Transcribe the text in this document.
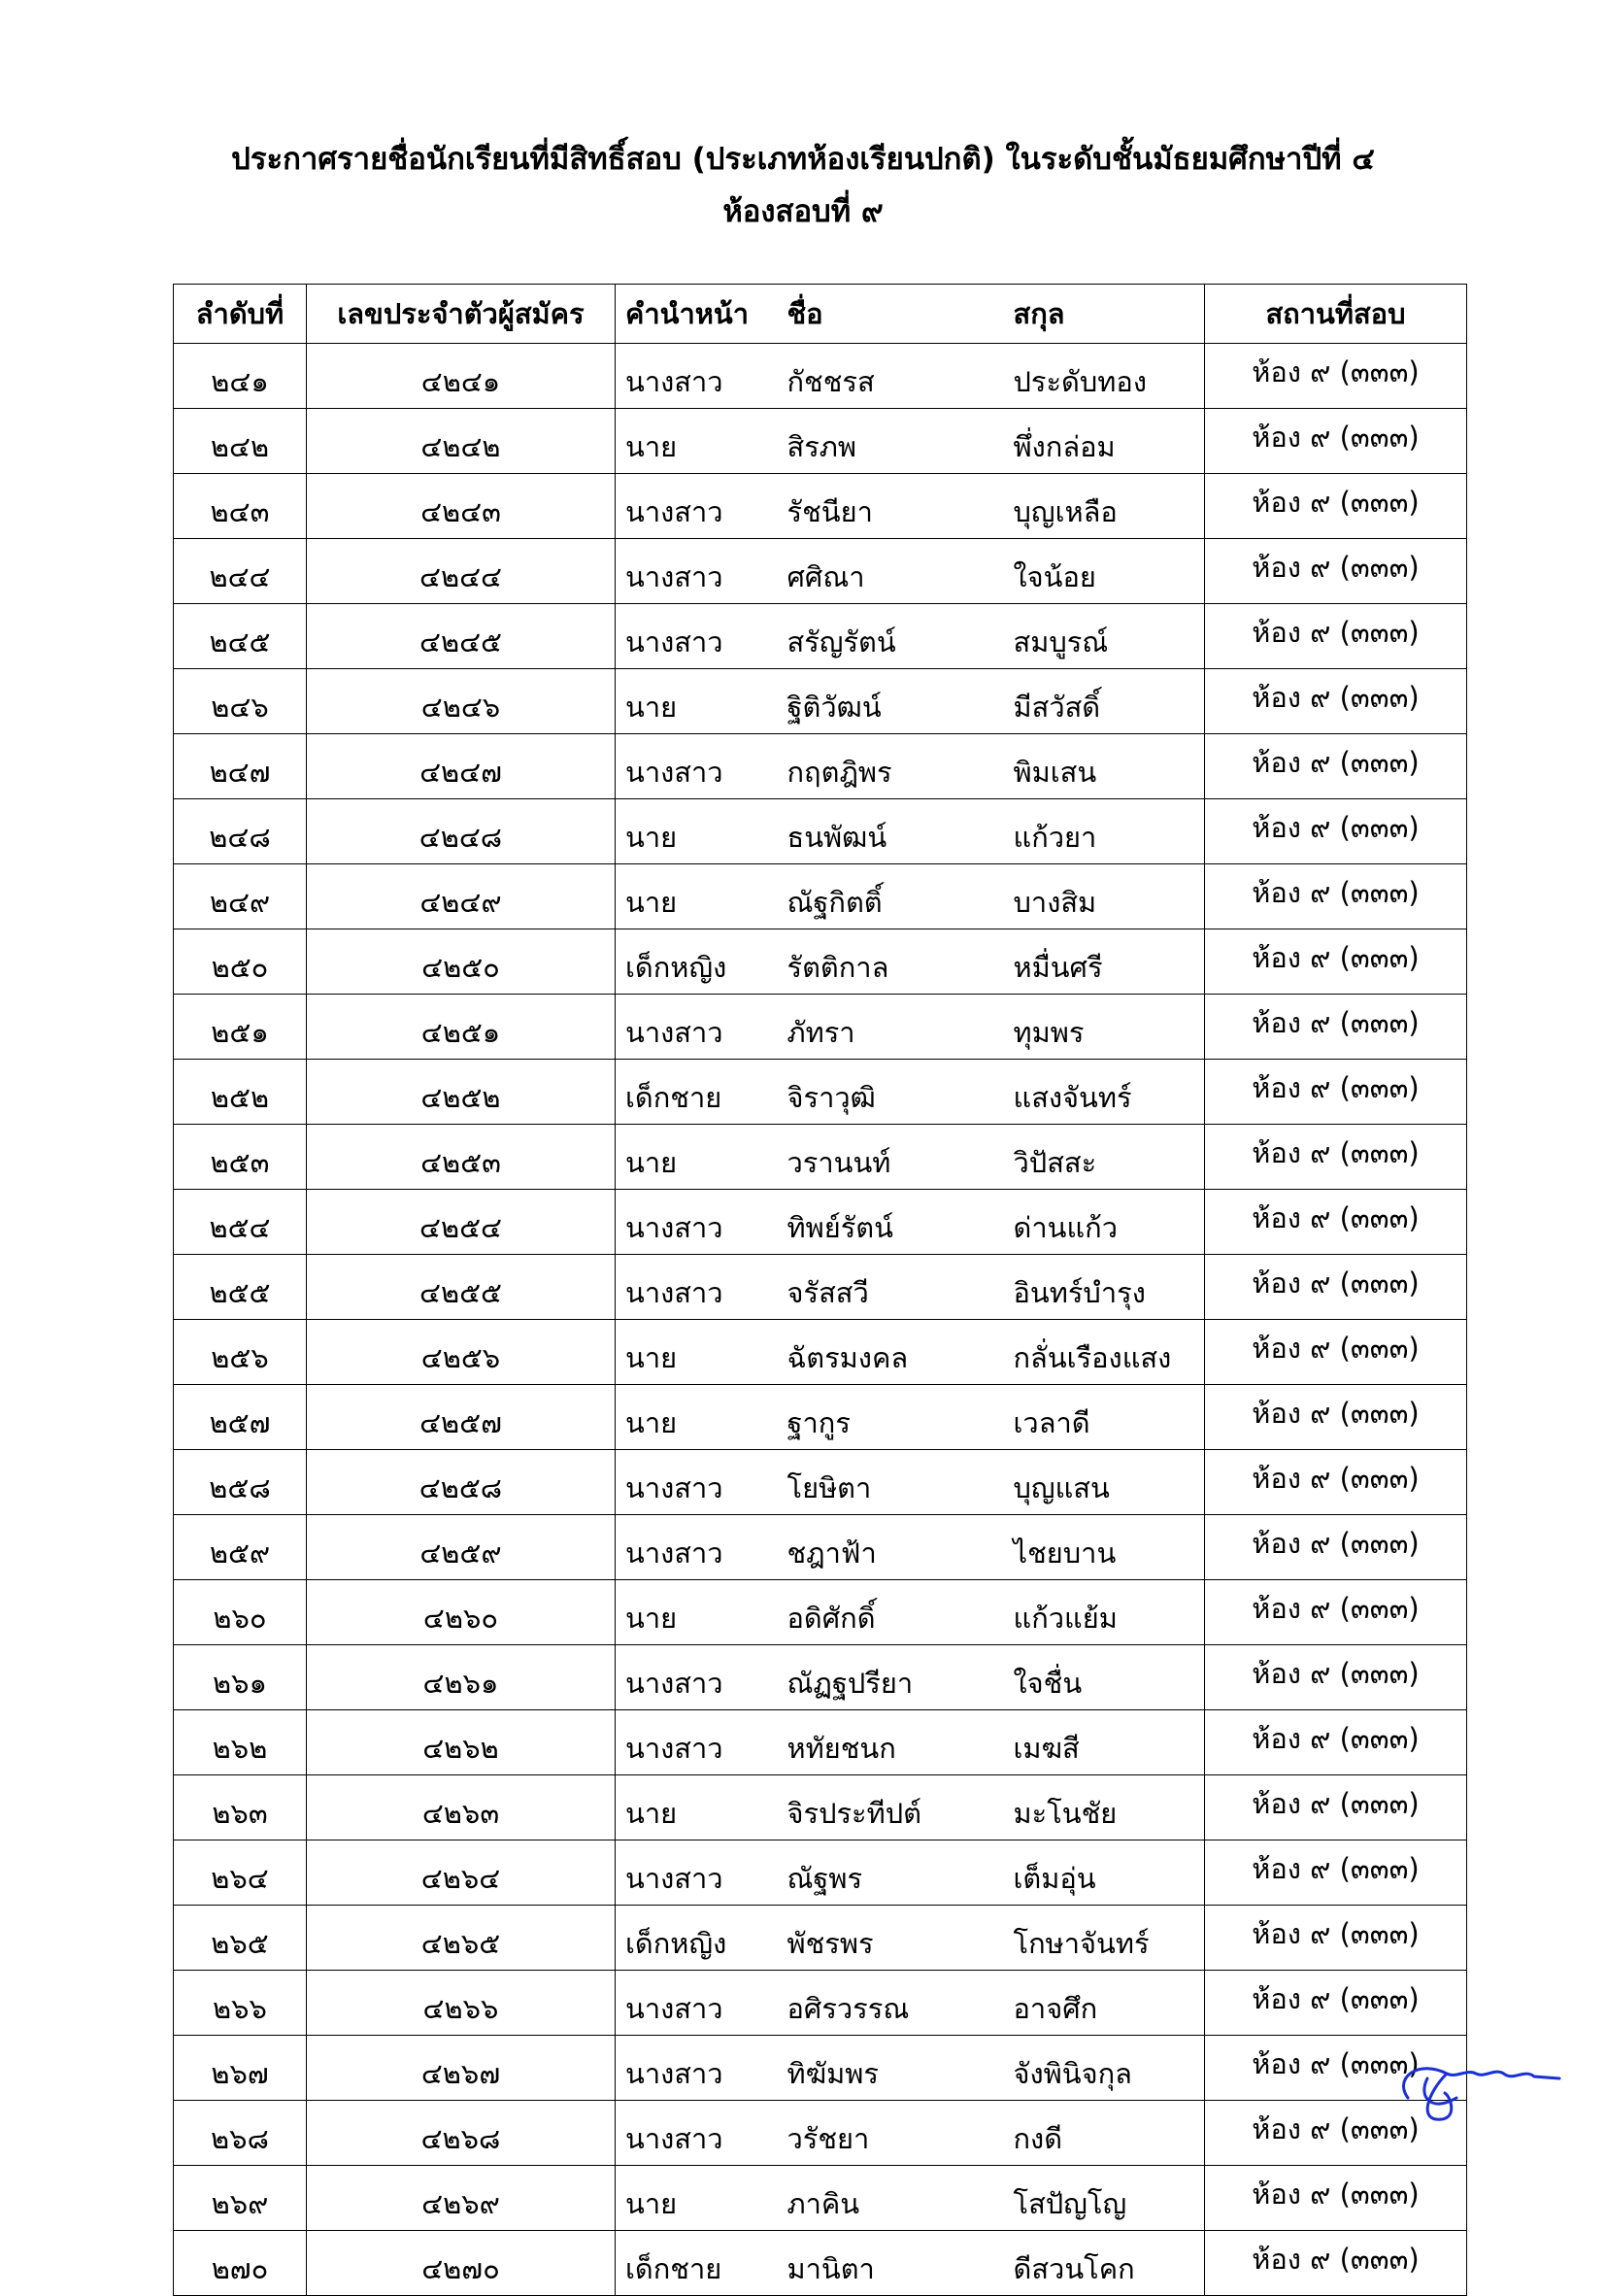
ประกาศรายชื่อนักเรียนที่มีสิทธิ์สอบ (ประเภทห้องเรียนปกติ) ในระดับชั้นมัธยมศึกษาปีที่ ๔
ห้องสอบที่ ๙
ลำดับที่	เลขประจำตัวผู้สมัคร	คำนำหน้า	ชื่อ	สกุล	สถานที่สอบ
๒๔๑	๔๒๔๑	นางสาว	กัชชรส	ประดับทอง	ห้อง ๙ (๓๓๓)
๒๔๒	๔๒๔๒	นาย	สิรภพ	พึ่งกล่อม	ห้อง ๙ (๓๓๓)
๒๔๓	๔๒๔๓	นางสาว	รัชนียา	บุญเหลือ	ห้อง ๙ (๓๓๓)
๒๔๔	๔๒๔๔	นางสาว	ศศิณา	ใจน้อย	ห้อง ๙ (๓๓๓)
๒๔๕	๔๒๔๕	นางสาว	สรัญรัตน์	สมบูรณ์	ห้อง ๙ (๓๓๓)
๒๔๖	๔๒๔๖	นาย	ฐิติวัฒน์	มีสวัสดิ์	ห้อง ๙ (๓๓๓)
๒๔๗	๔๒๔๗	นางสาว	กฤตฎิพร	พิมเสน	ห้อง ๙ (๓๓๓)
๒๔๘	๔๒๔๘	นาย	ธนพัฒน์	แก้วยา	ห้อง ๙ (๓๓๓)
๒๔๙	๔๒๔๙	นาย	ณัฐกิตติ์	บางสิม	ห้อง ๙ (๓๓๓)
๒๕๐	๔๒๕๐	เด็กหญิง	รัตติกาล	หมื่นศรี	ห้อง ๙ (๓๓๓)
๒๕๑	๔๒๕๑	นางสาว	ภัทรา	ทุมพร	ห้อง ๙ (๓๓๓)
๒๕๒	๔๒๕๒	เด็กชาย	จิราวุฒิ	แสงจันทร์	ห้อง ๙ (๓๓๓)
๒๕๓	๔๒๕๓	นาย	วรานนท์	วิปัสสะ	ห้อง ๙ (๓๓๓)
๒๕๔	๔๒๕๔	นางสาว	ทิพย์รัตน์	ด่านแก้ว	ห้อง ๙ (๓๓๓)
๒๕๕	๔๒๕๕	นางสาว	จรัสสวี	อินทร์บำรุง	ห้อง ๙ (๓๓๓)
๒๕๖	๔๒๕๖	นาย	ฉัตรมงคล	กลั่นเรืองแสง	ห้อง ๙ (๓๓๓)
๒๕๗	๔๒๕๗	นาย	ฐากูร	เวลาดี	ห้อง ๙ (๓๓๓)
๒๕๘	๔๒๕๘	นางสาว	โยษิตา	บุญแสน	ห้อง ๙ (๓๓๓)
๒๕๙	๔๒๕๙	นางสาว	ชฎาฟ้า	ไชยบาน	ห้อง ๙ (๓๓๓)
๒๖๐	๔๒๖๐	นาย	อดิศักดิ์	แก้วแย้ม	ห้อง ๙ (๓๓๓)
๒๖๑	๔๒๖๑	นางสาว	ณัฏฐปรียา	ใจชื่น	ห้อง ๙ (๓๓๓)
๒๖๒	๔๒๖๒	นางสาว	หทัยชนก	เมฆสี	ห้อง ๙ (๓๓๓)
๒๖๓	๔๒๖๓	นาย	จิรประทีปต์	มะโนชัย	ห้อง ๙ (๓๓๓)
๒๖๔	๔๒๖๔	นางสาว	ณัฐพร	เต็มอุ่น	ห้อง ๙ (๓๓๓)
๒๖๕	๔๒๖๕	เด็กหญิง	พัชรพร	โกษาจันทร์	ห้อง ๙ (๓๓๓)
๒๖๖	๔๒๖๖	นางสาว	อศิรวรรณ	อาจศึก	ห้อง ๙ (๓๓๓)
๒๖๗	๔๒๖๗	นางสาว	ทิฆัมพร	จังพินิจกุล	ห้อง ๙ (๓๓๓)
๒๖๘	๔๒๖๘	นางสาว	วรัชยา	กงดี	ห้อง ๙ (๓๓๓)
๒๖๙	๔๒๖๙	นาย	ภาคิน	โสปัญโญ	ห้อง ๙ (๓๓๓)
๒๗๐	๔๒๗๐	เด็กชาย	มานิตา	ดีสวนโคก	ห้อง ๙ (๓๓๓)
